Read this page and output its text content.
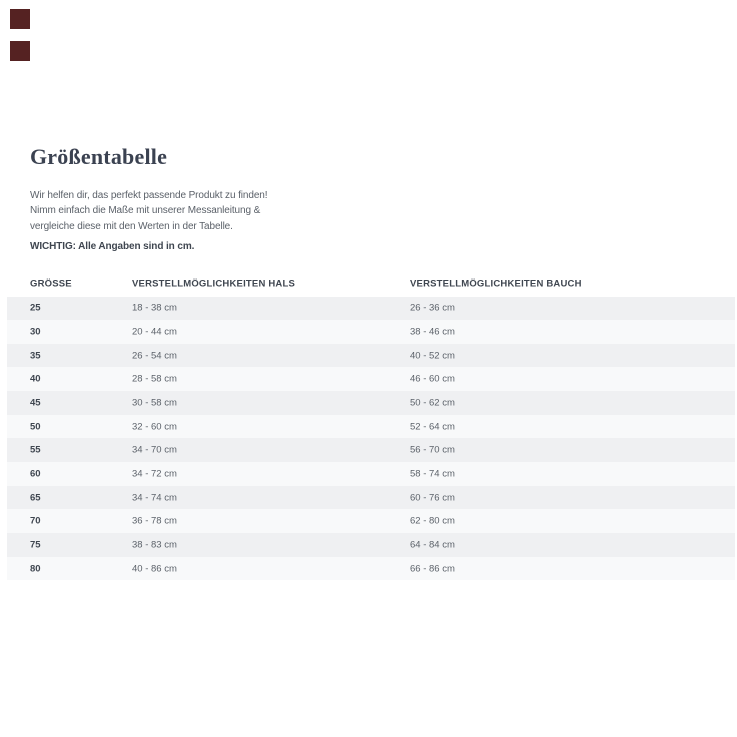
Größentabelle

Wir helfen dir, das perfekt passende Produkt zu finden!
Nimm einfach die Maße mit unserer Messanleitung &
vergleiche diese mit den Werten in der Tabelle.

WICHTIG: Alle Angaben sind in cm.

GRÖSSE	VERSTELLMÖGLICHKEITEN HALS	VERSTELLMÖGLICHKEITEN BAUCH
25	18 - 38 cm	26 - 36 cm
30	20 - 44 cm	38 - 46 cm
35	26 - 54 cm	40 - 52 cm
40	28 - 58 cm	46 - 60 cm
45	30 - 58 cm	50 - 62 cm
50	32 - 60 cm	52 - 64 cm
55	34 - 70 cm	56 - 70 cm
60	34 - 72 cm	58 - 74 cm
65	34 - 74 cm	60 - 76 cm
70	36 - 78 cm	62 - 80 cm
75	38 - 83 cm	64 - 84 cm
80	40 - 86 cm	66 - 86 cm
